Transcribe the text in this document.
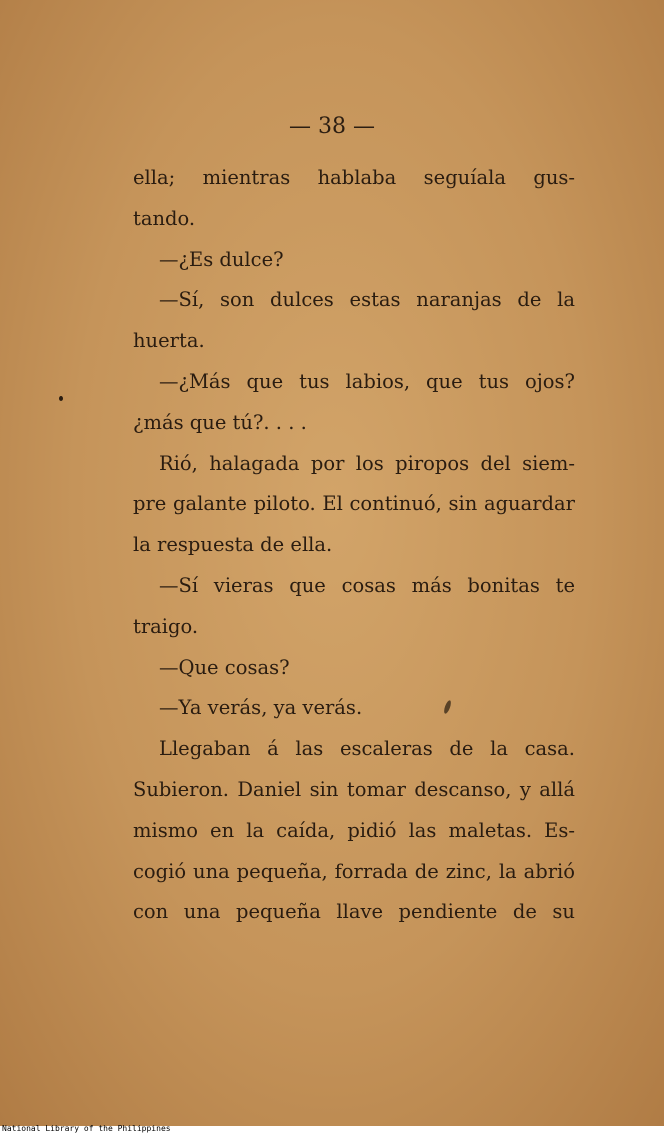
— 38 —
ella; mientras hablaba seguíala gus-
tando.
—¿Es dulce?
—Sí, son dulces estas naranjas de la
huerta.
—¿Más que tus labios, que tus ojos?
¿más que tú?. . . .
Rió, halagada por los piropos del siem-
pre galante piloto. El continuó, sin aguardar
la respuesta de ella.
—Sí vieras que cosas más bonitas te
traigo.
—Que cosas?
—Ya verás, ya verás.
Llegaban á las escaleras de la casa.
Subieron. Daniel sin tomar descanso, y allá
mismo en la caída, pidió las maletas. Es-
cogió una pequeña, forrada de zinc, la abrió
con una pequeña llave pendiente de su
National Library of the Philippines
